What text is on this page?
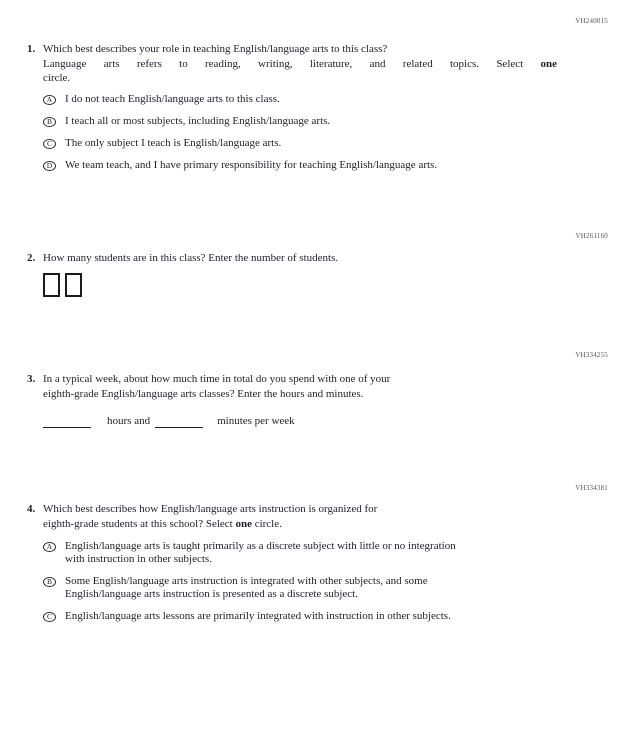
VH240015
1. Which best describes your role in teaching English/language arts to this class?
Language arts refers to reading, writing, literature, and related topics. Select one
circle.
A I do not teach English/language arts to this class.
B I teach all or most subjects, including English/language arts.
C The only subject I teach is English/language arts.
D We team teach, and I have primary responsibility for teaching English/language arts.
VH261160
2. How many students are in this class? Enter the number of students.
VH334255
3. In a typical week, about how much time in total do you spend with one of your
eighth-grade English/language arts classes? Enter the hours and minutes.
hours and	minutes per week
VH334381
4. Which best describes how English/language arts instruction is organized for
eighth-grade students at this school? Select one circle.
A English/language arts is taught primarily as a discrete subject with little or no integration
with instruction in other subjects.
B Some English/language arts instruction is integrated with other subjects, and some
English/language arts instruction is presented as a discrete subject.
C English/language arts lessons are primarily integrated with instruction in other subjects.
